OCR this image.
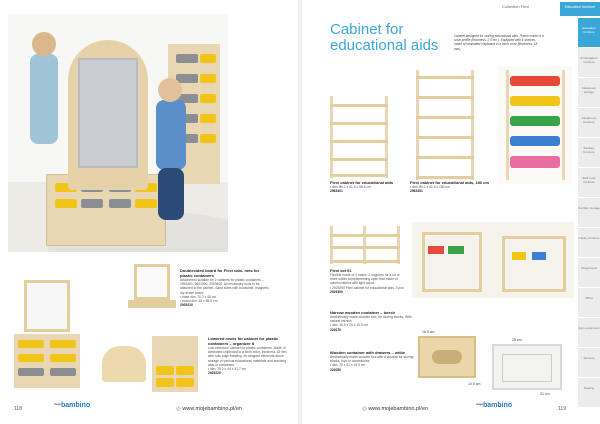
Doublesided board for Flexi cabi- nets for plastic containers
Attachment suitable for 2 cabinets for plastic containers – 2963401, 9601900, 2963406. All necessary tools to be attached to the cabinet. Sand sides with bookshelf, magnetic, dry-erase board.
• base dim. 70.2 x 48 cm
• board dim. 63 x 65.5 cm
2925210
Lowered rower for cabinet for plastic containers – organizer II
Low extension cabinet for plastic containers. Made of laminated chipboard in a birch color, thickness 18 mm, with rolls edge banding. Its dropped elements about storage of various educational materials and teaching aids or containers.
• dim. 75.2 x 44 x 31.7 cm
2925220
118
$^{moje}$bambino	◎ www.mojebambino.pl/en
Collection Flexi	Education furniture
Cabinet for educational aids
Cabinet designed for storing educational aids. Frame made of a solar profile (thickness: 2.5 cm ). Equipped with 4 shelves, made of laminated chipboard in a birch color (thickness: 18 mm).
Flexi cabinet for educational aids
• dim. 86.2 x 41.5 x 96.5 cm
2963401
Flexi cabinet for educational aids, 180 cm
• dim. 86.2 x 41.5 x 180 cm
2963451
Flexi set 01
Flexible made of 4 mains, 2 supports for a lot of more solids complementing open that made of colorful fabrics with light wood.
• 2925290 Flexi cabinet for educational aids, 3 pcs
2925300
Narrow wooden container – beech
Aesthetically made wooden box, for storing blocks. With natural varnish
• dim. 16.5 x 25 x 10.5 cm
224070
Wooden container with drawers – white
Aesthetically made wooden box with a window for storing blocks, toys or accessories
• dim. 25 x 31 x 16.5 cm
224050
16.5 cm
10.5 cm
25 cm
31 cm
Education furniture
Kindergarten furniture
Classroom storage
Cloakroom furniture
Sanitary furniture
Staff room furniture
Corridor storage
Library furniture
Playground
Office
Gym equipment
Sensory
Seating
◎ www.mojebambino.pl/en
$^{moje}$bambino	119
